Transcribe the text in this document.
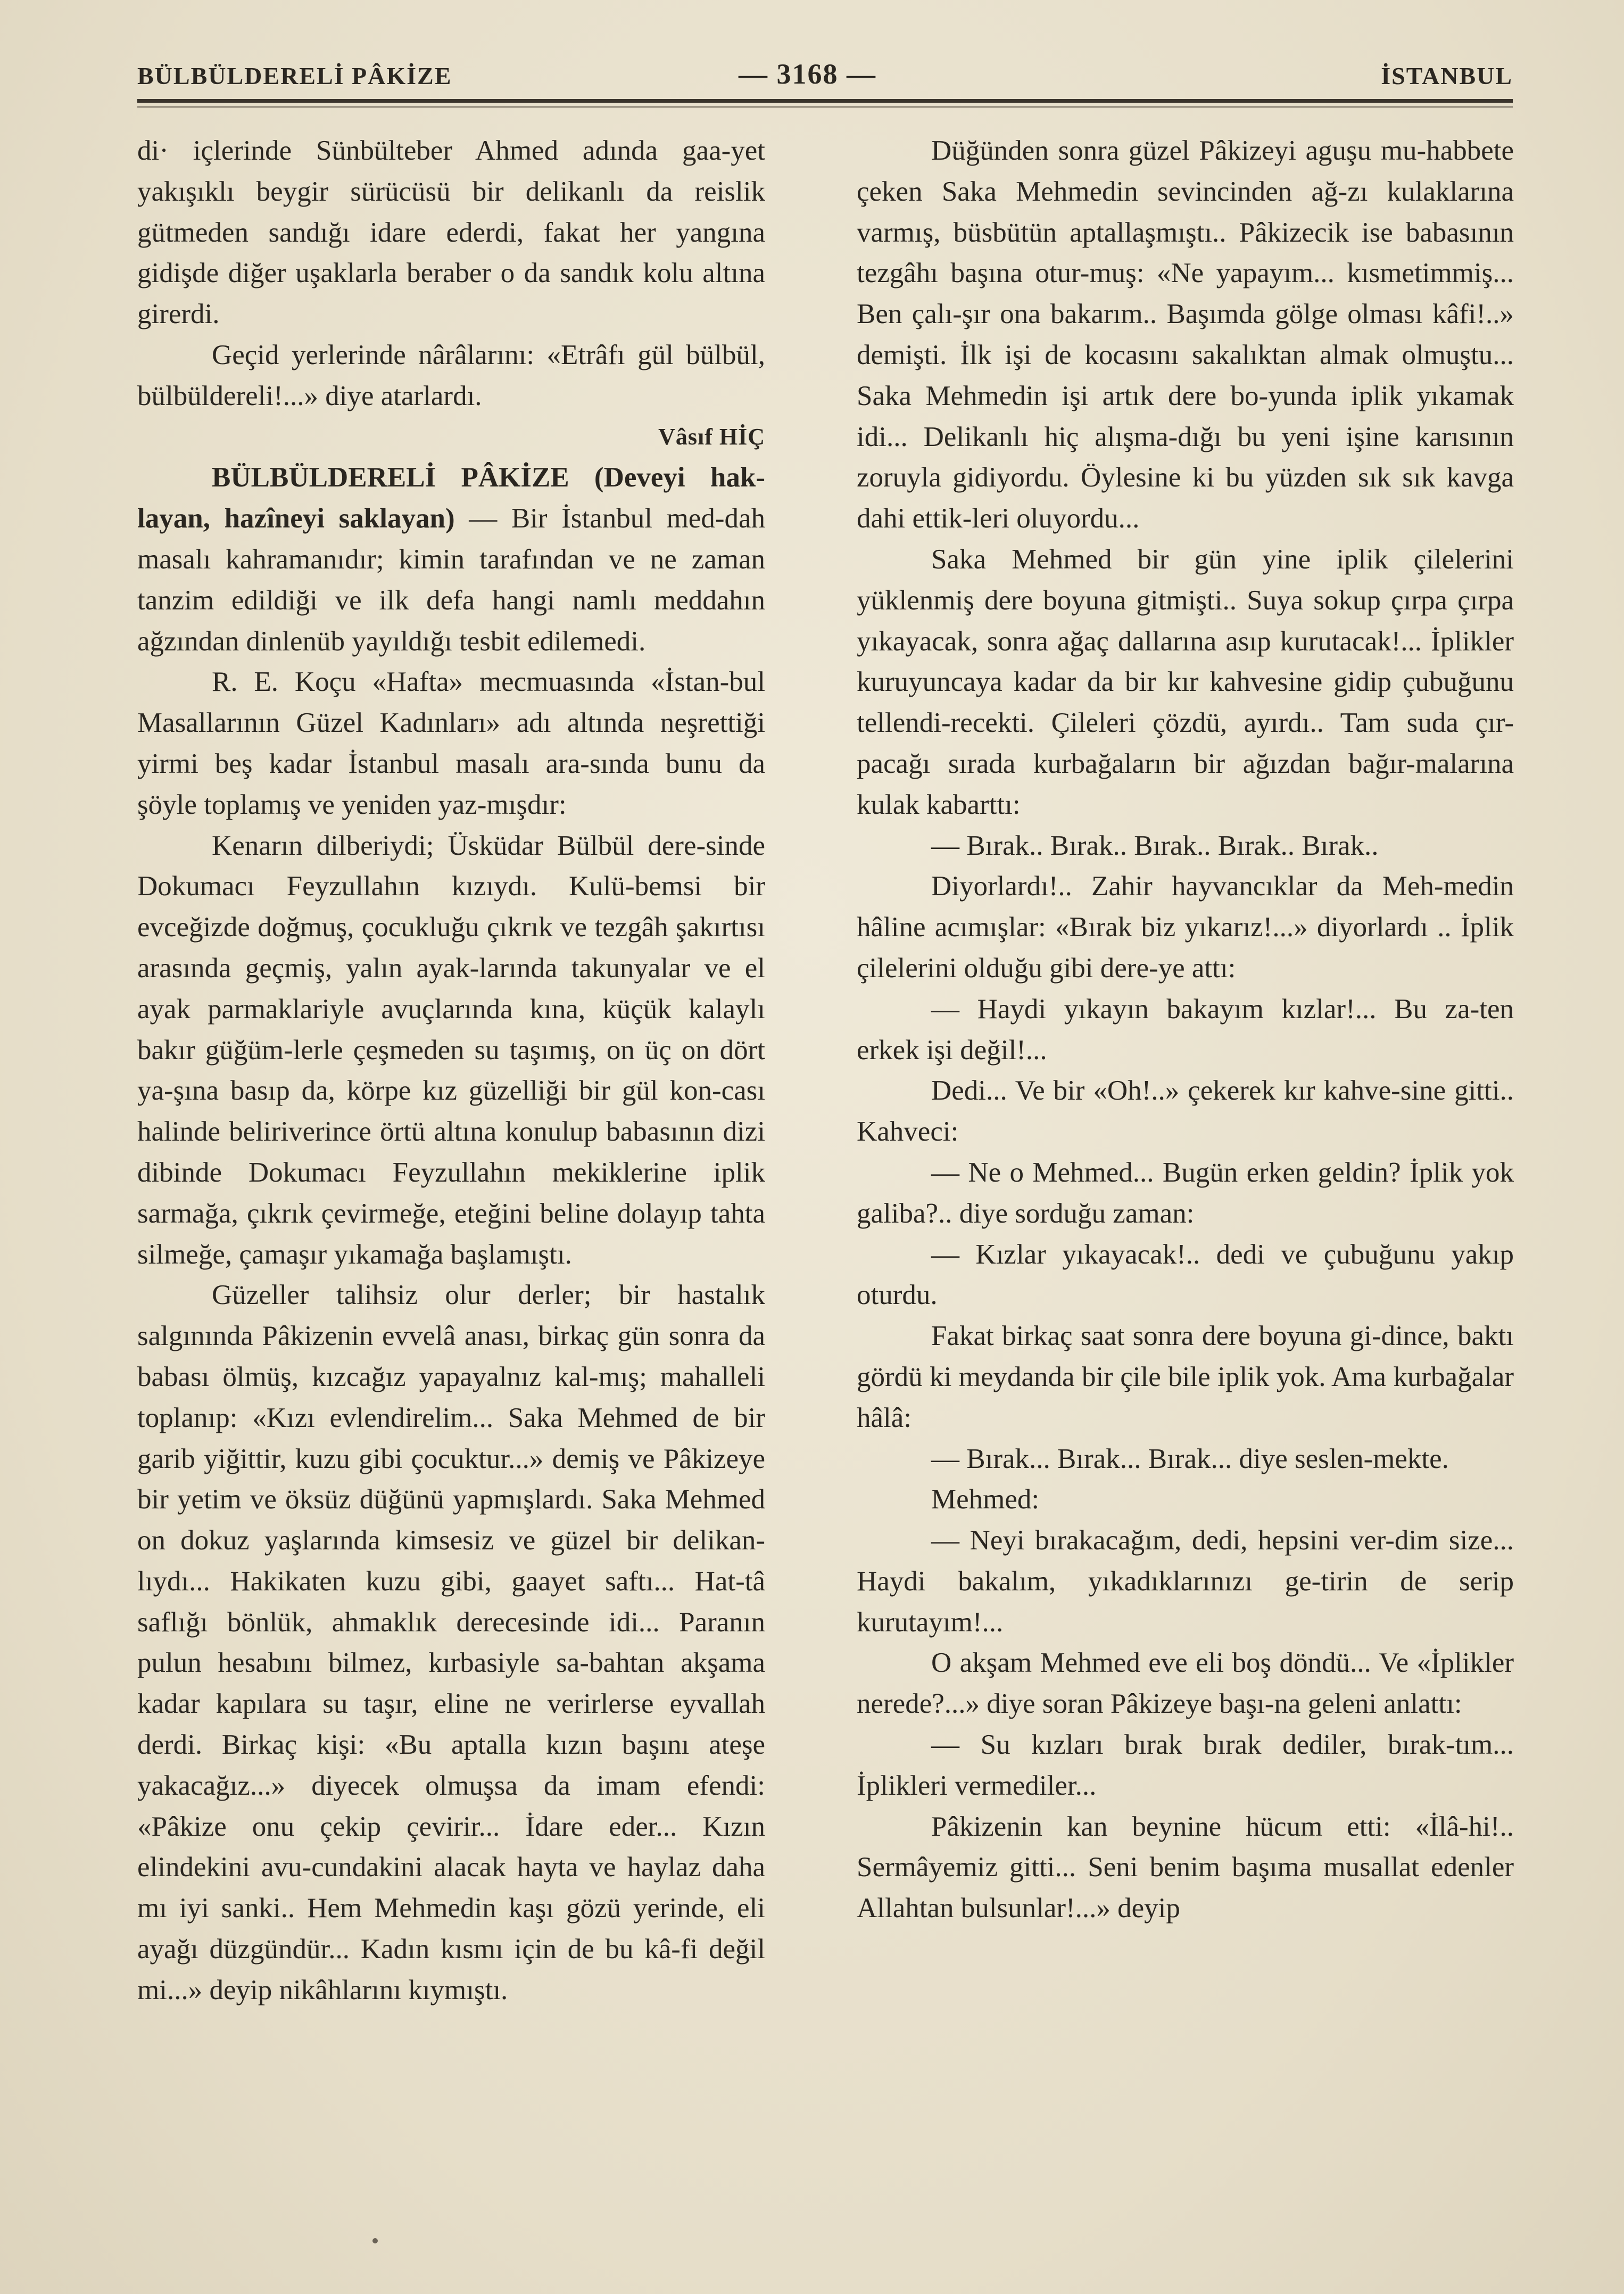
BÜLBÜLDERELİ PÂKİZE	— 3168 —	İSTANBUL

di· içlerinde Sünbülteber Ahmed adında gaa-yet yakışıklı beygir sürücüsü bir delikanlı da reislik gütmeden sandığı idare ederdi, fakat her yangına gidişde diğer uşaklarla beraber o da sandık kolu altına girerdi.

Geçid yerlerinde nârâlarını: «Etrâfı gül bülbül, bülbüldereli!...» diye atarlardı.

Vâsıf HİÇ

BÜLBÜLDERELİ PÂKİZE (Deveyi hak-layan, hazîneyi saklayan) — Bir İstanbul med-dah masalı kahramanıdır; kimin tarafından ve ne zaman tanzim edildiği ve ilk defa hangi namlı meddahın ağzından dinlenüb yayıldığı tesbit edilemedi.

R. E. Koçu «Hafta» mecmuasında «İstan-bul Masallarının Güzel Kadınları» adı altında neşrettiği yirmi beş kadar İstanbul masalı ara-sında bunu da şöyle toplamış ve yeniden yaz-mışdır:

Kenarın dilberiydi; Üsküdar Bülbül dere-sinde Dokumacı Feyzullahın kızıydı. Kulü-bemsi bir evceğizde doğmuş, çocukluğu çıkrık ve tezgâh şakırtısı arasında geçmiş, yalın ayak-larında takunyalar ve el ayak parmaklariyle avuçlarında kına, küçük kalaylı bakır güğüm-lerle çeşmeden su taşımış, on üç on dört ya-şına basıp da, körpe kız güzelliği bir gül kon-cası halinde beliriverince örtü altına konulup babasının dizi dibinde Dokumacı Feyzullahın mekiklerine iplik sarmağa, çıkrık çevirmeğe, eteğini beline dolayıp tahta silmeğe, çamaşır yıkamağa başlamıştı.

Güzeller talihsiz olur derler; bir hastalık salgınında Pâkizenin evvelâ anası, birkaç gün sonra da babası ölmüş, kızcağız yapayalnız kal-mış; mahalleli toplanıp: «Kızı evlendirelim... Saka Mehmed de bir garib yiğittir, kuzu gibi çocuktur...» demiş ve Pâkizeye bir yetim ve öksüz düğünü yapmışlardı. Saka Mehmed on dokuz yaşlarında kimsesiz ve güzel bir delikan-lıydı... Hakikaten kuzu gibi, gaayet saftı... Hat-tâ saflığı bönlük, ahmaklık derecesinde idi... Paranın pulun hesabını bilmez, kırbasiyle sa-bahtan akşama kadar kapılara su taşır, eline ne verirlerse eyvallah derdi. Birkaç kişi: «Bu aptalla kızın başını ateşe yakacağız...» diyecek olmuşsa da imam efendi: «Pâkize onu çekip çevirir... İdare eder... Kızın elindekini avu-cundakini alacak hayta ve haylaz daha mı iyi sanki.. Hem Mehmedin kaşı gözü yerinde, eli ayağı düzgündür... Kadın kısmı için de bu kâ-fi değil mi...» deyip nikâhlarını kıymıştı.

Düğünden sonra güzel Pâkizeyi aguşu mu-habbete çeken Saka Mehmedin sevincinden ağ-zı kulaklarına varmış, büsbütün aptallaşmıştı.. Pâkizecik ise babasının tezgâhı başına otur-muş: «Ne yapayım... kısmetimmiş... Ben çalı-şır ona bakarım.. Başımda gölge olması kâfi!..» demişti. İlk işi de kocasını sakalıktan almak olmuştu... Saka Mehmedin işi artık dere bo-yunda iplik yıkamak idi... Delikanlı hiç alışma-dığı bu yeni işine karısının zoruyla gidiyordu. Öylesine ki bu yüzden sık sık kavga dahi ettik-leri oluyordu...

Saka Mehmed bir gün yine iplik çilelerini yüklenmiş dere boyuna gitmişti.. Suya sokup çırpa çırpa yıkayacak, sonra ağaç dallarına asıp kurutacak!... İplikler kuruyuncaya kadar da bir kır kahvesine gidip çubuğunu tellendi-recekti. Çileleri çözdü, ayırdı.. Tam suda çır-pacağı sırada kurbağaların bir ağızdan bağır-malarına kulak kabarttı:

— Bırak.. Bırak.. Bırak.. Bırak.. Bırak..

Diyorlardı!.. Zahir hayvancıklar da Meh-medin hâline acımışlar: «Bırak biz yıkarız!...» diyorlardı .. İplik çilelerini olduğu gibi dere-ye attı:

— Haydi yıkayın bakayım kızlar!... Bu za-ten erkek işi değil!...

Dedi... Ve bir «Oh!..» çekerek kır kahve-sine gitti.. Kahveci:

— Ne o Mehmed... Bugün erken geldin? İplik yok galiba?.. diye sorduğu zaman:

— Kızlar yıkayacak!.. dedi ve çubuğunu yakıp oturdu.

Fakat birkaç saat sonra dere boyuna gi-dince, baktı gördü ki meydanda bir çile bile iplik yok. Ama kurbağalar hâlâ:

— Bırak... Bırak... Bırak... diye seslen-mekte.

Mehmed:

— Neyi bırakacağım, dedi, hepsini ver-dim size... Haydi bakalım, yıkadıklarınızı ge-tirin de serip kurutayım!...

O akşam Mehmed eve eli boş döndü... Ve «İplikler nerede?...» diye soran Pâkizeye başı-na geleni anlattı:

— Su kızları bırak bırak dediler, bırak-tım... İplikleri vermediler...

Pâkizenin kan beynine hücum etti: «İlâ-hi!.. Sermâyemiz gitti... Seni benim başıma musallat edenler Allahtan bulsunlar!...» deyip
